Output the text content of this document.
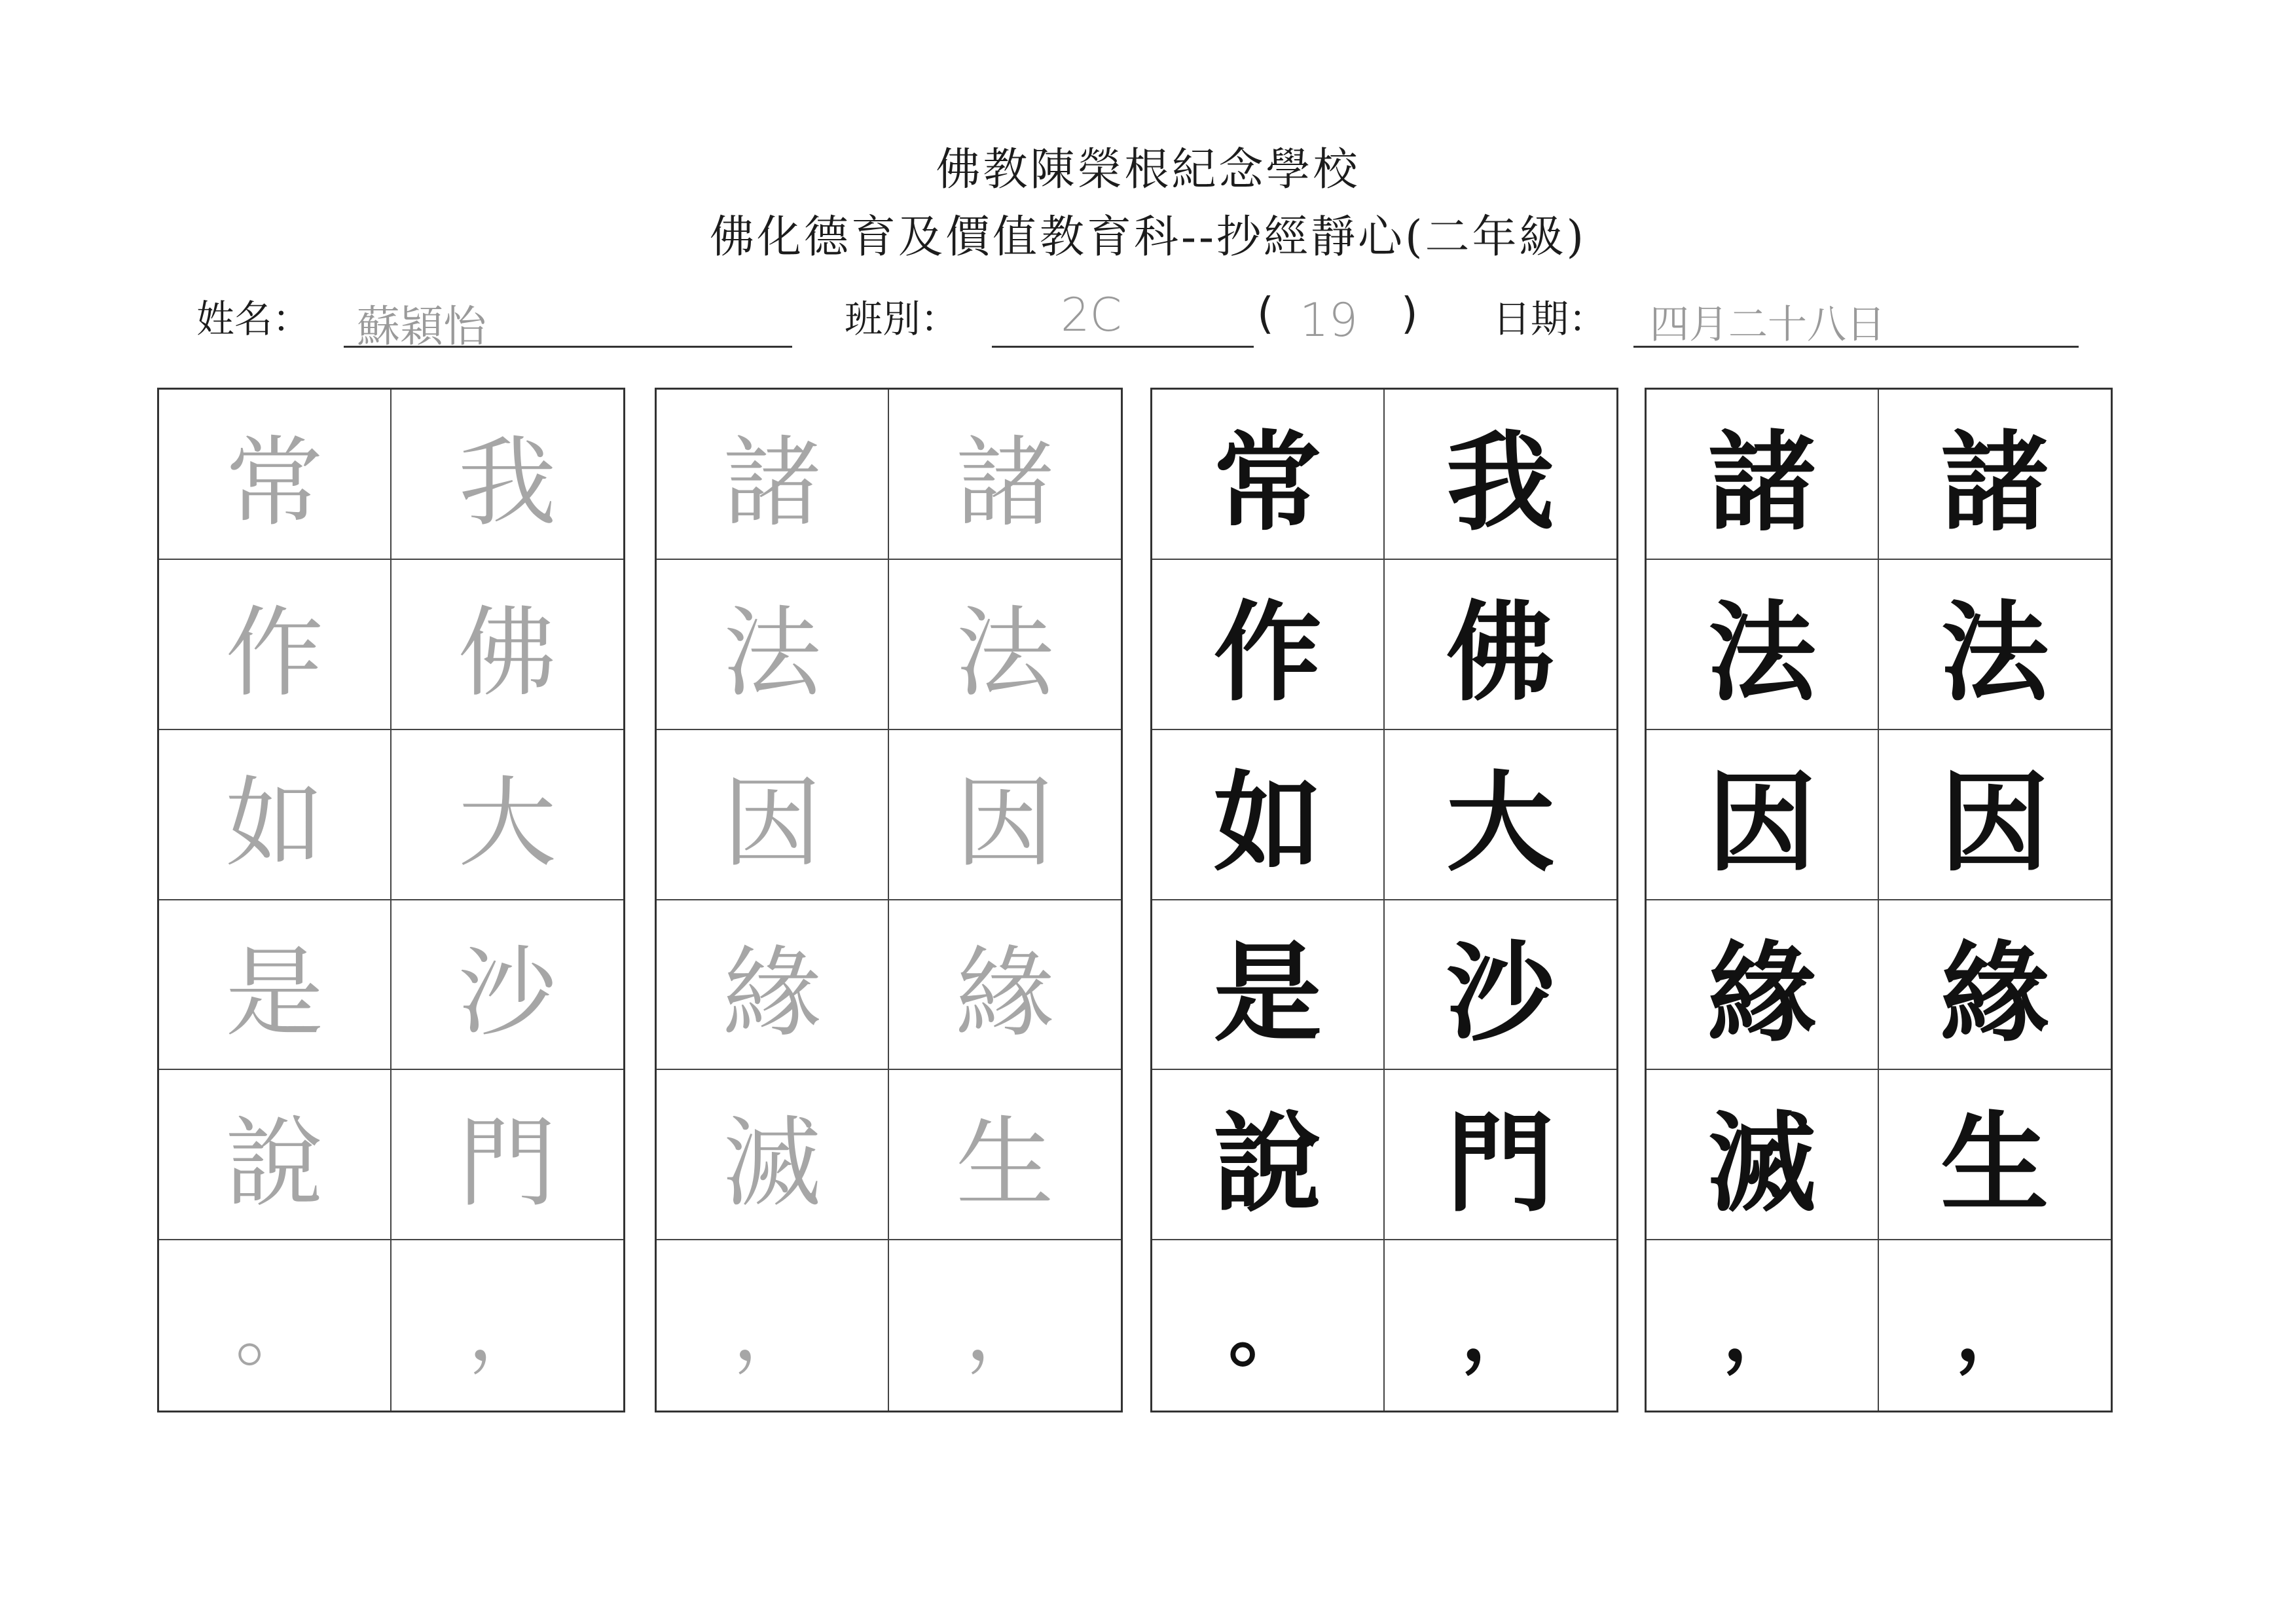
佛教陳榮根紀念學校
佛化德育及價值教育科--抄經靜心(二年級)
姓名： 蘇穎怡	班別： 2C	( 19 ) 日期： 四月二十八日
常 我
作 佛
如 大
是 沙
說 門
。 ，
諸 諸
法 法
因 因
緣 緣
滅 生
， ，
常 我
作 佛
如 大
是 沙
說 門
。 ，
諸 諸
法 法
因 因
緣 緣
滅 生
， ，
